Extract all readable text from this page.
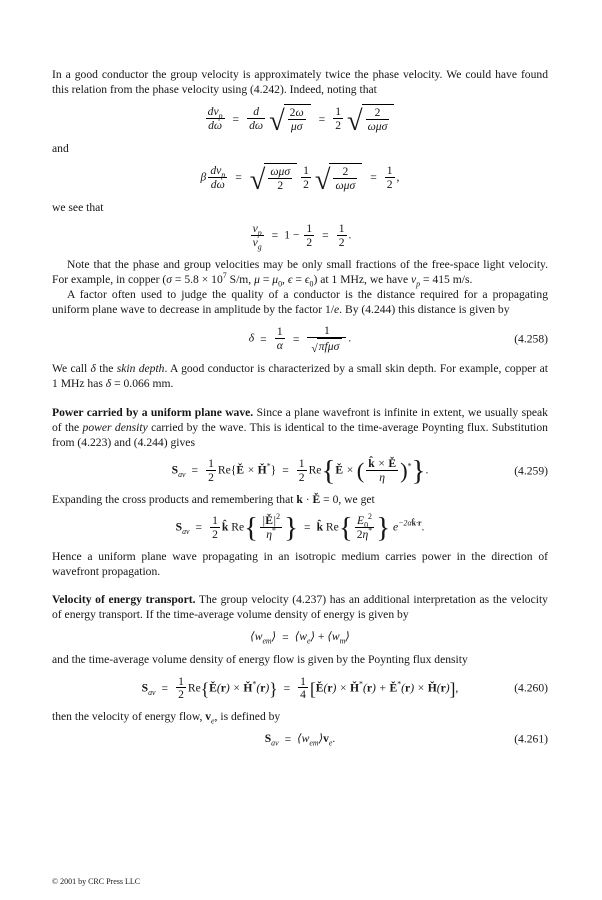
In a good conductor the group velocity is approximately twice the phase velocity. We could have found this relation from the phase velocity using (4.242). Indeed, noting that

$\frac{dv_p}{d\omega} = \frac{d}{d\omega}$ √ $\frac{2\omega}{\mu\sigma} = \frac{1}{2}$ √ $\frac{2}{\text{ωμσ}}$

and

β $\frac{dv_p}{d\omega}$ = √ $\frac{\text{ωμσ}}{2} \frac{1}{2}$ √ $\frac{2}{\text{ωμσ}} = \frac{1}{2}$ ,

we see that

$\frac{v_p}{v_g} = 1 - \frac{1}{2} = \frac{1}{2}$ .

Note that the phase and group velocities may be only small fractions of the free-space light velocity. For example, in copper ($\sigma = 5.8 \times 10^7$ S/m, $\mu = \mu_0$, $\epsilon = \epsilon_0$) at 1 MHz, we have $v_p = 415$ m/s.

A factor often used to judge the quality of a conductor is the distance required for a propagating uniform plane wave to decrease in amplitude by the factor 1/e. By (4.244) this distance is given by

$\delta = \frac{1}{\alpha} = \frac{1}{\text{√ πfμσ}}$ .	(4.258)

We call δ the skin depth. A good conductor is characterized by a small skin depth. For example, copper at 1 MHz has δ = 0.066 mm.

Power carried by a uniform plane wave. Since a plane wavefront is infinite in extent, we usually speak of the power density carried by the wave. This is identical to the time-average Poynting flux. Substitution from (4.223) and (4.244) gives

$S_{av} = \frac{1}{2}$ Re{Ě × Ȟ*} = $\frac{1}{2}$ Re{Ě × ( $\frac{k̂ \times Ě}{\eta} )^*$}.	(4.259)

Expanding the cross products and remembering that k · Ě = 0, we get

$S_{av} = \frac{1}{2}$ k̂ $Re\{ \frac{|Ě|^2}{\eta^*}$ } = k̂ $Re\{ \frac{E_0^2}{2\eta^*}$ } $e^{-2\alpha k̂\cdot r}$.

Hence a uniform plane wave propagating in an isotropic medium carries power in the direction of wavefront propagation.

Velocity of energy transport. The group velocity (4.237) has an additional interpretation as the velocity of energy transport. If the time-average volume density of energy is given by

$⟨w_{em}⟩$ = $⟨w_e⟩$ + $⟨w_m⟩$

and the time-average volume density of energy flow is given by the Poynting flux density

$S_{av} = \frac{1}{2}$ Re{Ě(r) × Ȟ*(r)} = $\frac{1}{4}$ [Ě(r) × Ȟ*(r) + Ě*(r) × Ȟ(r)],	(4.260)

then the velocity of energy flow, $v_e$, is defined by

$S_{av}$ = $⟨w_{em}⟩v_e$.	(4.261)
© 2001 by CRC Press LLC
